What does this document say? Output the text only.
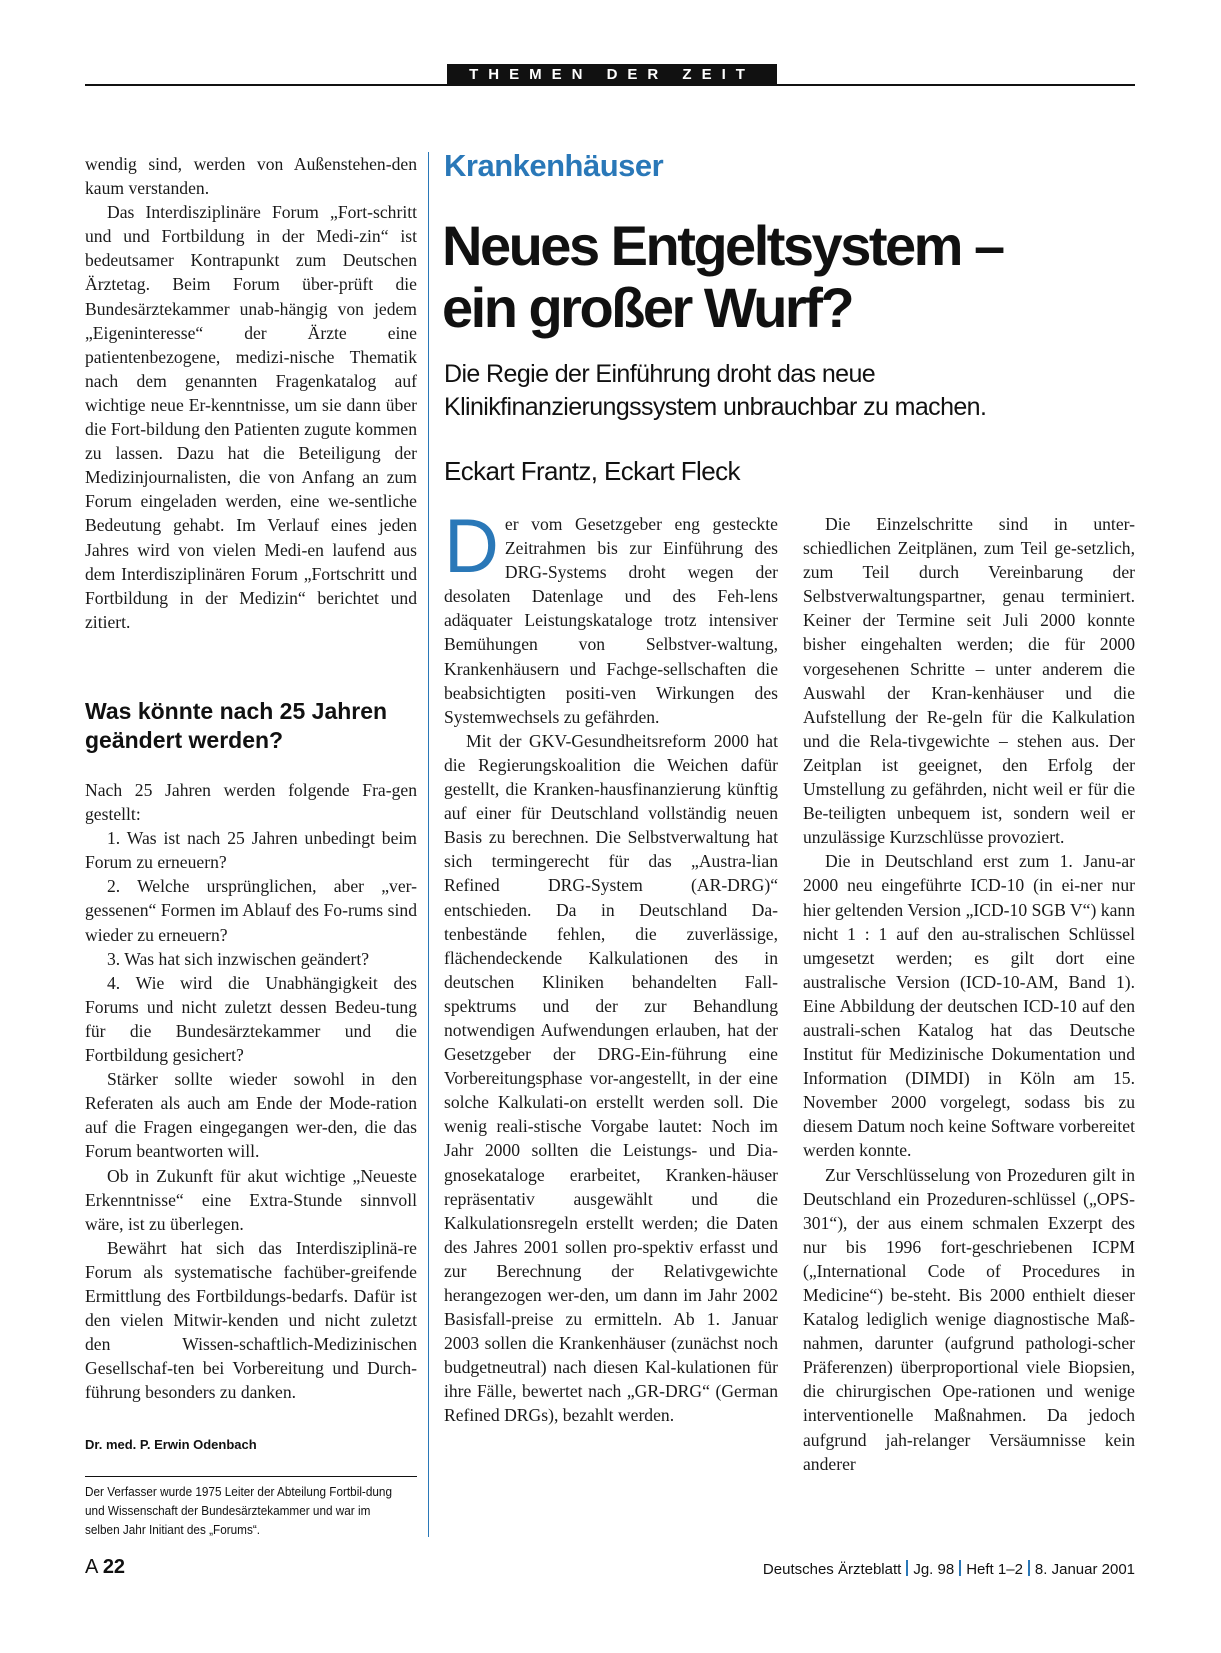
THEMEN DER ZEIT

wendig sind, werden von Außenstehen-den kaum verstanden.

Das Interdisziplinäre Forum „Fort-schritt und und Fortbildung in der Medi-zin“ ist bedeutsamer Kontrapunkt zum Deutschen Ärztetag. Beim Forum über-prüft die Bundesärztekammer unab-hängig von jedem „Eigeninteresse“ der Ärzte eine patientenbezogene, medizi-nische Thematik nach dem genannten Fragenkatalog auf wichtige neue Er-kenntnisse, um sie dann über die Fort-bildung den Patienten zugute kommen zu lassen. Dazu hat die Beteiligung der Medizinjournalisten, die von Anfang an zum Forum eingeladen werden, eine we-sentliche Bedeutung gehabt. Im Verlauf eines jeden Jahres wird von vielen Medi-en laufend aus dem Interdisziplinären Forum „Fortschritt und Fortbildung in der Medizin“ berichtet und zitiert.

Was könnte nach 25 Jahren geändert werden?

Nach 25 Jahren werden folgende Fra-gen gestellt:

1. Was ist nach 25 Jahren unbedingt beim Forum zu erneuern?

2. Welche ursprünglichen, aber „ver-gessenen“ Formen im Ablauf des Fo-rums sind wieder zu erneuern?

3. Was hat sich inzwischen geändert?

4. Wie wird die Unabhängigkeit des Forums und nicht zuletzt dessen Bedeu-tung für die Bundesärztekammer und die Fortbildung gesichert?

Stärker sollte wieder sowohl in den Referaten als auch am Ende der Mode-ration auf die Fragen eingegangen wer-den, die das Forum beantworten will.

Ob in Zukunft für akut wichtige „Neueste Erkenntnisse“ eine Extra-Stunde sinnvoll wäre, ist zu überlegen.

Bewährt hat sich das Interdisziplinä-re Forum als systematische fachüber-greifende Ermittlung des Fortbildungs-bedarfs. Dafür ist den vielen Mitwir-kenden und nicht zuletzt den Wissen-schaftlich-Medizinischen Gesellschaf-ten bei Vorbereitung und Durch-führung besonders zu danken.

Dr. med. P. Erwin Odenbach
Der Verfasser wurde 1975 Leiter der Abteilung Fortbil-dung und Wissenschaft der Bundesärztekammer und war im selben Jahr Initiant des „Forums“.
Krankenhäuser
Neues Entgeltsystem –
ein großer Wurf?
Die Regie der Einführung droht das neue
Klinikfinanzierungssystem unbrauchbar zu machen.
Eckart Frantz, Eckart Fleck

Der vom Gesetzgeber eng gesteckte Zeitrahmen bis zur Einführung des DRG-Systems droht wegen der desolaten Datenlage und des Feh-lens adäquater Leistungskataloge trotz intensiver Bemühungen von Selbstver-waltung, Krankenhäusern und Fachge-sellschaften die beabsichtigten positi-ven Wirkungen des Systemwechsels zu gefährden.

Mit der GKV-Gesundheitsreform 2000 hat die Regierungskoalition die Weichen dafür gestellt, die Kranken-hausfinanzierung künftig auf einer für Deutschland vollständig neuen Basis zu berechnen. Die Selbstverwaltung hat sich termingerecht für das „Austra-lian Refined DRG-System (AR-DRG)“ entschieden. Da in Deutschland Da-tenbestände fehlen, die zuverlässige, flächendeckende Kalkulationen des in deutschen Kliniken behandelten Fall-spektrums und der zur Behandlung notwendigen Aufwendungen erlauben, hat der Gesetzgeber der DRG-Ein-führung eine Vorbereitungsphase vor-angestellt, in der eine solche Kalkulati-on erstellt werden soll. Die wenig reali-stische Vorgabe lautet: Noch im Jahr 2000 sollten die Leistungs- und Dia-gnosekataloge erarbeitet, Kranken-häuser repräsentativ ausgewählt und die Kalkulationsregeln erstellt werden; die Daten des Jahres 2001 sollen pro-spektiv erfasst und zur Berechnung der Relativgewichte herangezogen wer-den, um dann im Jahr 2002 Basisfall-preise zu ermitteln. Ab 1. Januar 2003 sollen die Krankenhäuser (zunächst noch budgetneutral) nach diesen Kal-kulationen für ihre Fälle, bewertet nach „GR-DRG“ (German Refined DRGs), bezahlt werden.

Die Einzelschritte sind in unter-schiedlichen Zeitplänen, zum Teil ge-setzlich, zum Teil durch Vereinbarung der Selbstverwaltungspartner, genau terminiert. Keiner der Termine seit Juli 2000 konnte bisher eingehalten werden; die für 2000 vorgesehenen Schritte – unter anderem die Auswahl der Kran-kenhäuser und die Aufstellung der Re-geln für die Kalkulation und die Rela-tivgewichte – stehen aus. Der Zeitplan ist geeignet, den Erfolg der Umstellung zu gefährden, nicht weil er für die Be-teiligten unbequem ist, sondern weil er unzulässige Kurzschlüsse provoziert.

Die in Deutschland erst zum 1. Janu-ar 2000 neu eingeführte ICD-10 (in ei-ner nur hier geltenden Version „ICD-10 SGB V“) kann nicht 1 : 1 auf den au-stralischen Schlüssel umgesetzt werden; es gilt dort eine australische Version (ICD-10-AM, Band 1). Eine Abbildung der deutschen ICD-10 auf den australi-schen Katalog hat das Deutsche Institut für Medizinische Dokumentation und Information (DIMDI) in Köln am 15. November 2000 vorgelegt, sodass bis zu diesem Datum noch keine Software vorbereitet werden konnte.

Zur Verschlüsselung von Prozeduren gilt in Deutschland ein Prozeduren-schlüssel („OPS-301“), der aus einem schmalen Exzerpt des nur bis 1996 fort-geschriebenen ICPM („International Code of Procedures in Medicine“) be-steht. Bis 2000 enthielt dieser Katalog lediglich wenige diagnostische Maß-nahmen, darunter (aufgrund pathologi-scher Präferenzen) überproportional viele Biopsien, die chirurgischen Ope-rationen und wenige interventionelle Maßnahmen. Da jedoch aufgrund jah-relanger Versäumnisse kein anderer

A 22	Deutsches Ärzteblatt Jg. 98 Heft 1–2 8. Januar 2001
